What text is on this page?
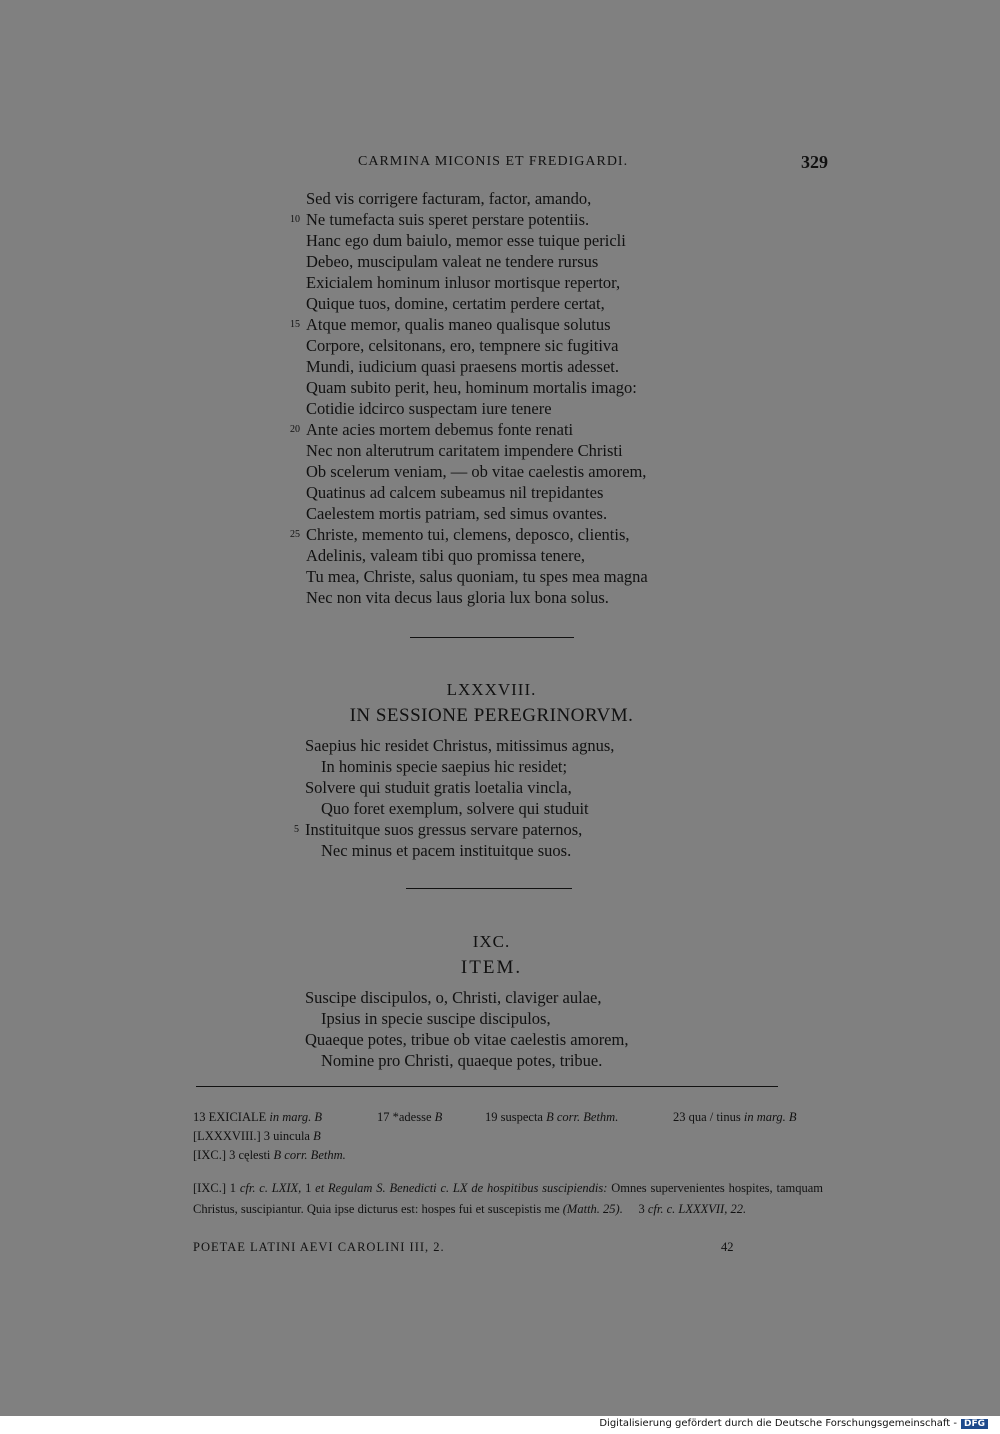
CARMINA MICONIS ET FREDIGARDI.	329
Sed vis corrigere facturam, factor, amando,
10 Ne tumefacta suis speret perstare potentiis.
Hanc ego dum baiulo, memor esse tuique pericli
Debeo, muscipulam valeat ne tendere rursus
Exicialem hominum inlusor mortisque repertor,
Quique tuos, domine, certatim perdere certat,
15 Atque memor, qualis maneo qualisque solutus
Corpore, celsitonans, ero, tempnere sic fugitiva
Mundi, iudicium quasi praesens mortis adesset.
Quam subito perit, heu, hominum mortalis imago:
Cotidie idcirco suspectam iure tenere
20 Ante acies mortem debemus fonte renati
Nec non alterutrum caritatem impendere Christi
Ob scelerum veniam, — ob vitae caelestis amorem,
Quatinus ad calcem subeamus nil trepidantes
Caelestem mortis patriam, sed simus ovantes.
25 Christe, memento tui, clemens, deposco, clientis,
Adelinis, valeam tibi quo promissa tenere,
Tu mea, Christe, salus quoniam, tu spes mea magna
Nec non vita decus laus gloria lux bona solus.
LXXXVIII.
IN SESSIONE PEREGRINORVM.
Saepius hic residet Christus, mitissimus agnus,
In hominis specie saepius hic residet;
Solvere qui studuit gratis loetalia vincla,
Quo foret exemplum, solvere qui studuit
5 Instituitque suos gressus servare paternos,
Nec minus et pacem instituitque suos.
IXC.
ITEM.
Suscipe discipulos, o, Christi, claviger aulae,
Ipsius in specie suscipe discipulos,
Quaeque potes, tribue ob vitae caelestis amorem,
Nomine pro Christi, quaeque potes, tribue.
13 EXICIALE in marg. B	17 *adesse B	19 suspecta B corr. Bethm.	23 qua / tinus in marg. B
[LXXXVIII.] 3 uincula B
[IXC.] 3 cęlesti B corr. Bethm.
[IXC.] 1 cfr. c. LXIX, 1 et Regulam S. Benedicti c. LX de hospitibus suscipiendis: Omnes supervenientes hospites, tamquam Christus, suscipiantur. Quia ipse dicturus est: hospes fui et suscepistis me (Matth. 25). 3 cfr. c. LXXXVII, 22.
POETAE LATINI AEVI CAROLINI III, 2.	42
Digitalisierung gefördert durch die Deutsche Forschungsgemeinschaft - DFG
